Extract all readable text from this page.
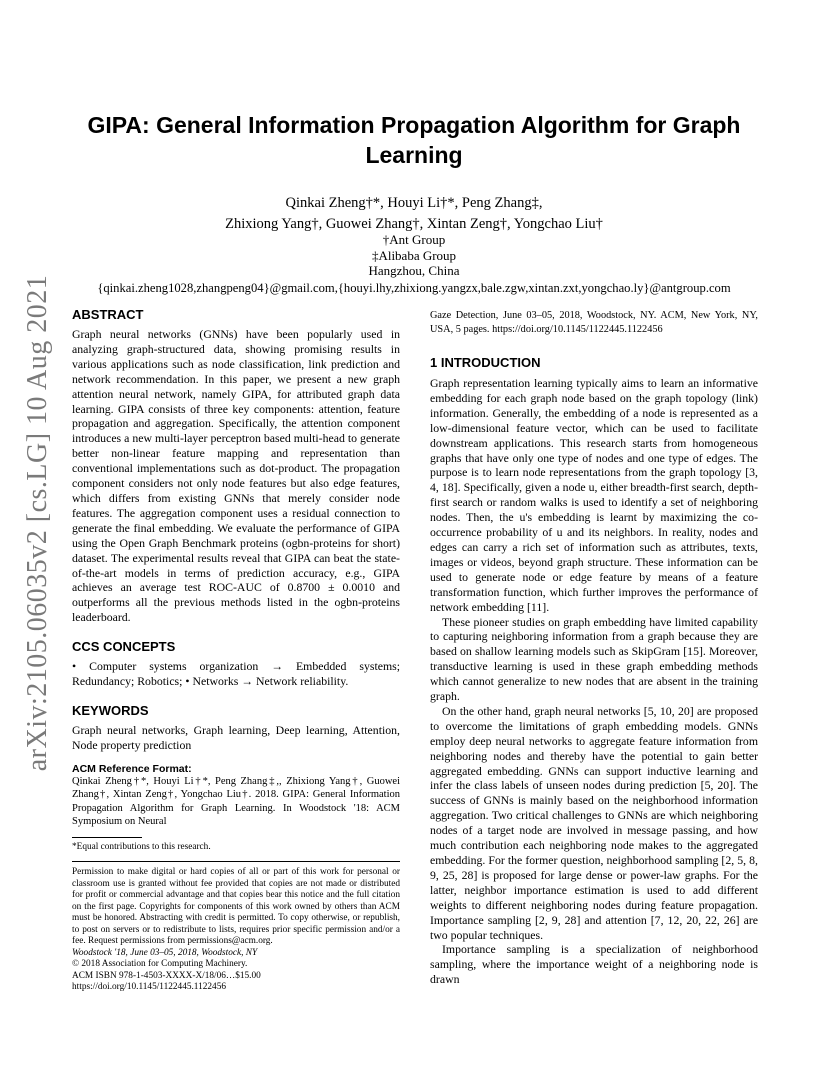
arXiv:2105.06035v2 [cs.LG] 10 Aug 2021
GIPA: General Information Propagation Algorithm for Graph Learning
Qinkai Zheng†*, Houyi Li†*, Peng Zhang‡,
Zhixiong Yang†, Guowei Zhang†, Xintan Zeng†, Yongchao Liu†
†Ant Group
‡Alibaba Group
Hangzhou, China
{qinkai.zheng1028,zhangpeng04}@gmail.com,{houyi.lhy,zhixiong.yangzx,bale.zgw,xintan.zxt,yongchao.ly}@antgroup.com
ABSTRACT

Graph neural networks (GNNs) have been popularly used in analyzing graph-structured data, showing promising results in various applications such as node classification, link prediction and network recommendation. In this paper, we present a new graph attention neural network, namely GIPA, for attributed graph data learning. GIPA consists of three key components: attention, feature propagation and aggregation. Specifically, the attention component introduces a new multi-layer perceptron based multi-head to generate better non-linear feature mapping and representation than conventional implementations such as dot-product. The propagation component considers not only node features but also edge features, which differs from existing GNNs that merely consider node features. The aggregation component uses a residual connection to generate the final embedding. We evaluate the performance of GIPA using the Open Graph Benchmark proteins (ogbn-proteins for short) dataset. The experimental results reveal that GIPA can beat the state-of-the-art models in terms of prediction accuracy, e.g., GIPA achieves an average test ROC-AUC of 0.8700 ± 0.0010 and outperforms all the previous methods listed in the ogbn-proteins leaderboard.

CCS CONCEPTS

• Computer systems organization → Embedded systems; Redundancy; Robotics; • Networks → Network reliability.

KEYWORDS

Graph neural networks, Graph learning, Deep learning, Attention, Node property prediction

ACM Reference Format:

Qinkai Zheng†*, Houyi Li†*, Peng Zhang‡,, Zhixiong Yang†, Guowei Zhang†, Xintan Zeng†, Yongchao Liu†. 2018. GIPA: General Information Propagation Algorithm for Graph Learning. In Woodstock '18: ACM Symposium on Neural

*Equal contributions to this research.

Permission to make digital or hard copies of all or part of this work for personal or classroom use is granted without fee provided that copies are not made or distributed for profit or commercial advantage and that copies bear this notice and the full citation on the first page. Copyrights for components of this work owned by others than ACM must be honored. Abstracting with credit is permitted. To copy otherwise, or republish, to post on servers or to redistribute to lists, requires prior specific permission and/or a fee. Request permissions from permissions@acm.org.

Woodstock '18, June 03–05, 2018, Woodstock, NY

© 2018 Association for Computing Machinery.

ACM ISBN 978-1-4503-XXXX-X/18/06…$15.00

https://doi.org/10.1145/1122445.1122456

Gaze Detection, June 03–05, 2018, Woodstock, NY. ACM, New York, NY, USA, 5 pages. https://doi.org/10.1145/1122445.1122456

1 INTRODUCTION

Graph representation learning typically aims to learn an informative embedding for each graph node based on the graph topology (link) information. Generally, the embedding of a node is represented as a low-dimensional feature vector, which can be used to facilitate downstream applications. This research starts from homogeneous graphs that have only one type of nodes and one type of edges. The purpose is to learn node representations from the graph topology [3, 4, 18]. Specifically, given a node u, either breadth-first search, depth-first search or random walks is used to identify a set of neighboring nodes. Then, the u's embedding is learnt by maximizing the co-occurrence probability of u and its neighbors. In reality, nodes and edges can carry a rich set of information such as attributes, texts, images or videos, beyond graph structure. These information can be used to generate node or edge feature by means of a feature transformation function, which further improves the performance of network embedding [11].

These pioneer studies on graph embedding have limited capability to capturing neighboring information from a graph because they are based on shallow learning models such as SkipGram [15]. Moreover, transductive learning is used in these graph embedding methods which cannot generalize to new nodes that are absent in the training graph.

On the other hand, graph neural networks [5, 10, 20] are proposed to overcome the limitations of graph embedding models. GNNs employ deep neural networks to aggregate feature information from neighboring nodes and thereby have the potential to gain better aggregated embedding. GNNs can support inductive learning and infer the class labels of unseen nodes during prediction [5, 20]. The success of GNNs is mainly based on the neighborhood information aggregation. Two critical challenges to GNNs are which neighboring nodes of a target node are involved in message passing, and how much contribution each neighboring node makes to the aggregated embedding. For the former question, neighborhood sampling [2, 5, 8, 9, 25, 28] is proposed for large dense or power-law graphs. For the latter, neighbor importance estimation is used to add different weights to different neighboring nodes during feature propagation. Importance sampling [2, 9, 28] and attention [7, 12, 20, 22, 26] are two popular techniques.

Importance sampling is a specialization of neighborhood sampling, where the importance weight of a neighboring node is drawn
